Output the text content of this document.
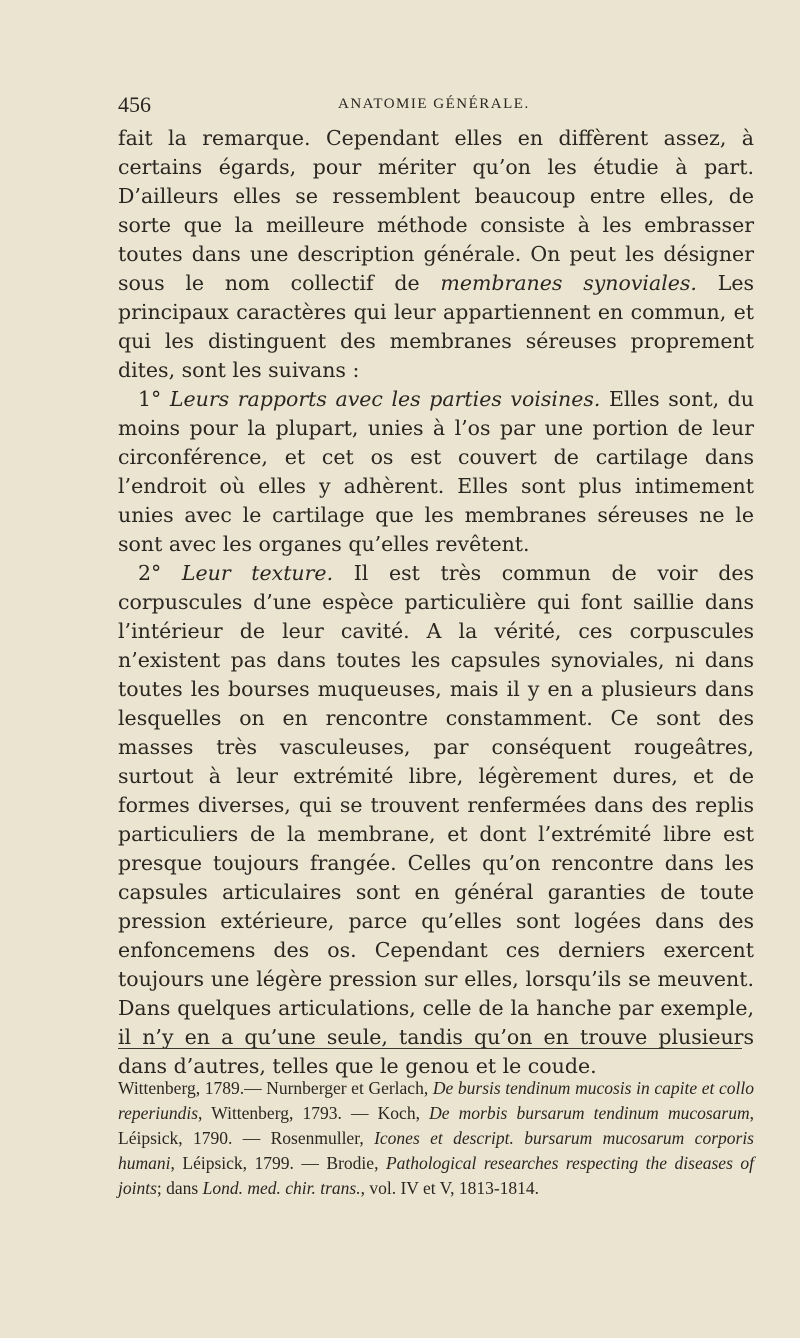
456	ANATOMIE GÉNÉRALE.

fait la remarque. Cependant elles en diffèrent assez, à certains égards, pour mériter qu’on les étudie à part. D’ailleurs elles se ressemblent beaucoup entre elles, de sorte que la meilleure méthode consiste à les embrasser toutes dans une description générale. On peut les désigner sous le nom collectif de membranes synoviales. Les principaux caractères qui leur appartiennent en commun, et qui les distinguent des membranes séreuses proprement dites, sont les suivans :

1° Leurs rapports avec les parties voisines. Elles sont, du moins pour la plupart, unies à l’os par une portion de leur circonférence, et cet os est couvert de cartilage dans l’endroit où elles y adhèrent. Elles sont plus intimement unies avec le cartilage que les membranes séreuses ne le sont avec les organes qu’elles revêtent.

2° Leur texture. Il est très commun de voir des corpuscules d’une espèce particulière qui font saillie dans l’intérieur de leur cavité. A la vérité, ces corpuscules n’existent pas dans toutes les capsules synoviales, ni dans toutes les bourses muqueuses, mais il y en a plusieurs dans lesquelles on en rencontre constamment. Ce sont des masses très vasculeuses, par conséquent rougeâtres, surtout à leur extrémité libre, légèrement dures, et de formes diverses, qui se trouvent renfermées dans des replis particuliers de la membrane, et dont l’extrémité libre est presque toujours frangée. Celles qu’on rencontre dans les capsules articulaires sont en général garanties de toute pression extérieure, parce qu’elles sont logées dans des enfoncemens des os. Cependant ces derniers exercent toujours une légère pression sur elles, lorsqu’ils se meuvent. Dans quelques articulations, celle de la hanche par exemple, il n’y en a qu’une seule, tandis qu’on en trouve plusieurs dans d’autres, telles que le genou et le coude.

Wittenberg, 1789.— Nurnberger et Gerlach, De bursis tendinum mucosis in capite et collo reperiundis, Wittenberg, 1793. — Koch, De morbis bursarum tendinum mucosarum, Léipsick, 1790. — Rosenmuller, Icones et descript. bursarum mucosarum corporis humani, Léipsick, 1799. — Brodie, Pathological researches respecting the diseases of joints; dans Lond. med. chir. trans., vol. IV et V, 1813-1814.
